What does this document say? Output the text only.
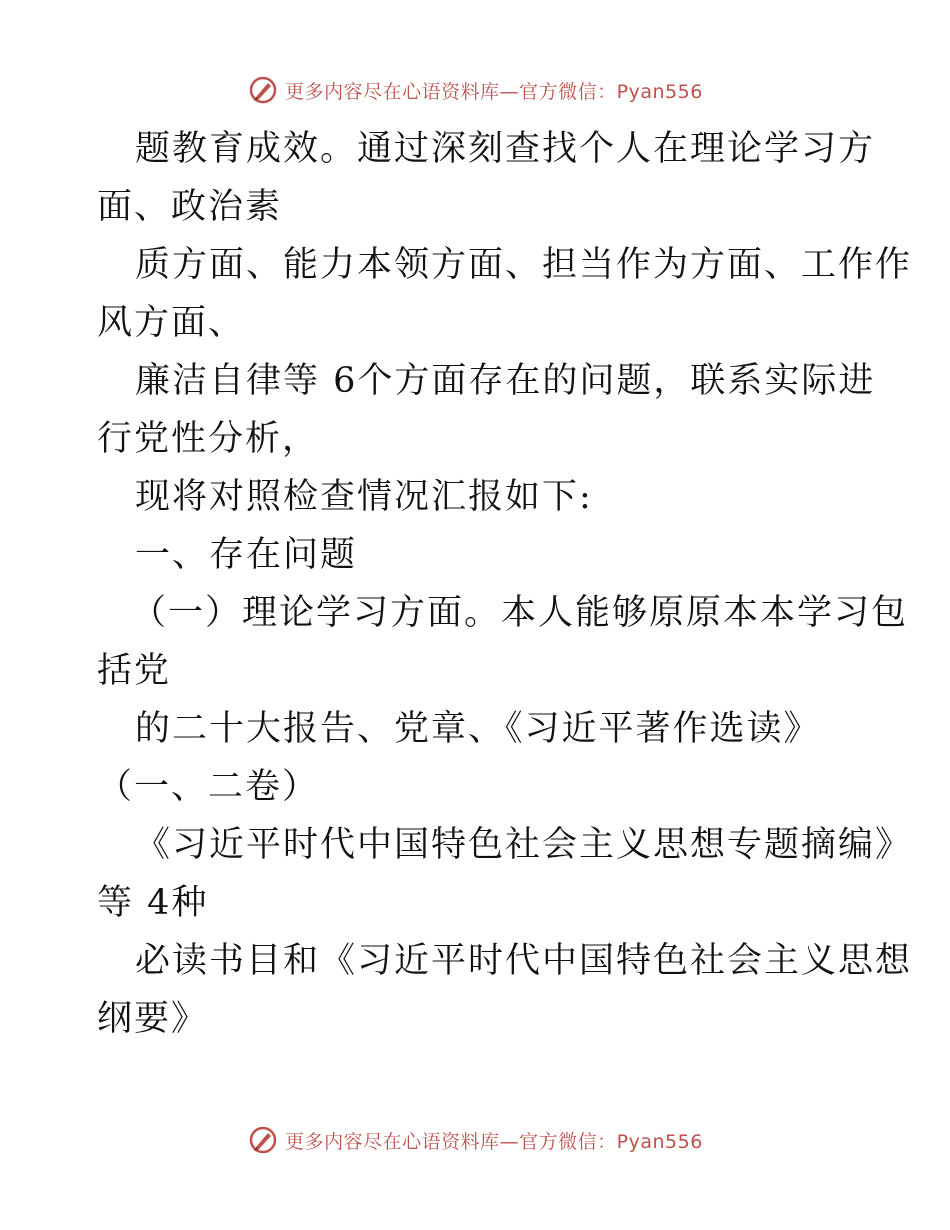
更多内容尽在心语资料库—官方微信：Pyan556
题教育成效。通过深刻查找个人在理论学习方
面、政治素
质方面、能力本领方面、担当作为方面、工作作
风方面、
廉洁自律等 6个方面存在的问题，联系实际进
行党性分析，
现将对照检查情况汇报如下:
一、存在问题
（一）理论学习方面。本人能够原原本本学习包
括党
的二十大报告、党章、《习近平著作选读》
（一、二卷）
《习近平时代中国特色社会主义思想专题摘编》
等 4种
必读书目和《习近平时代中国特色社会主义思想
纲要》
更多内容尽在心语资料库—官方微信：Pyan556
